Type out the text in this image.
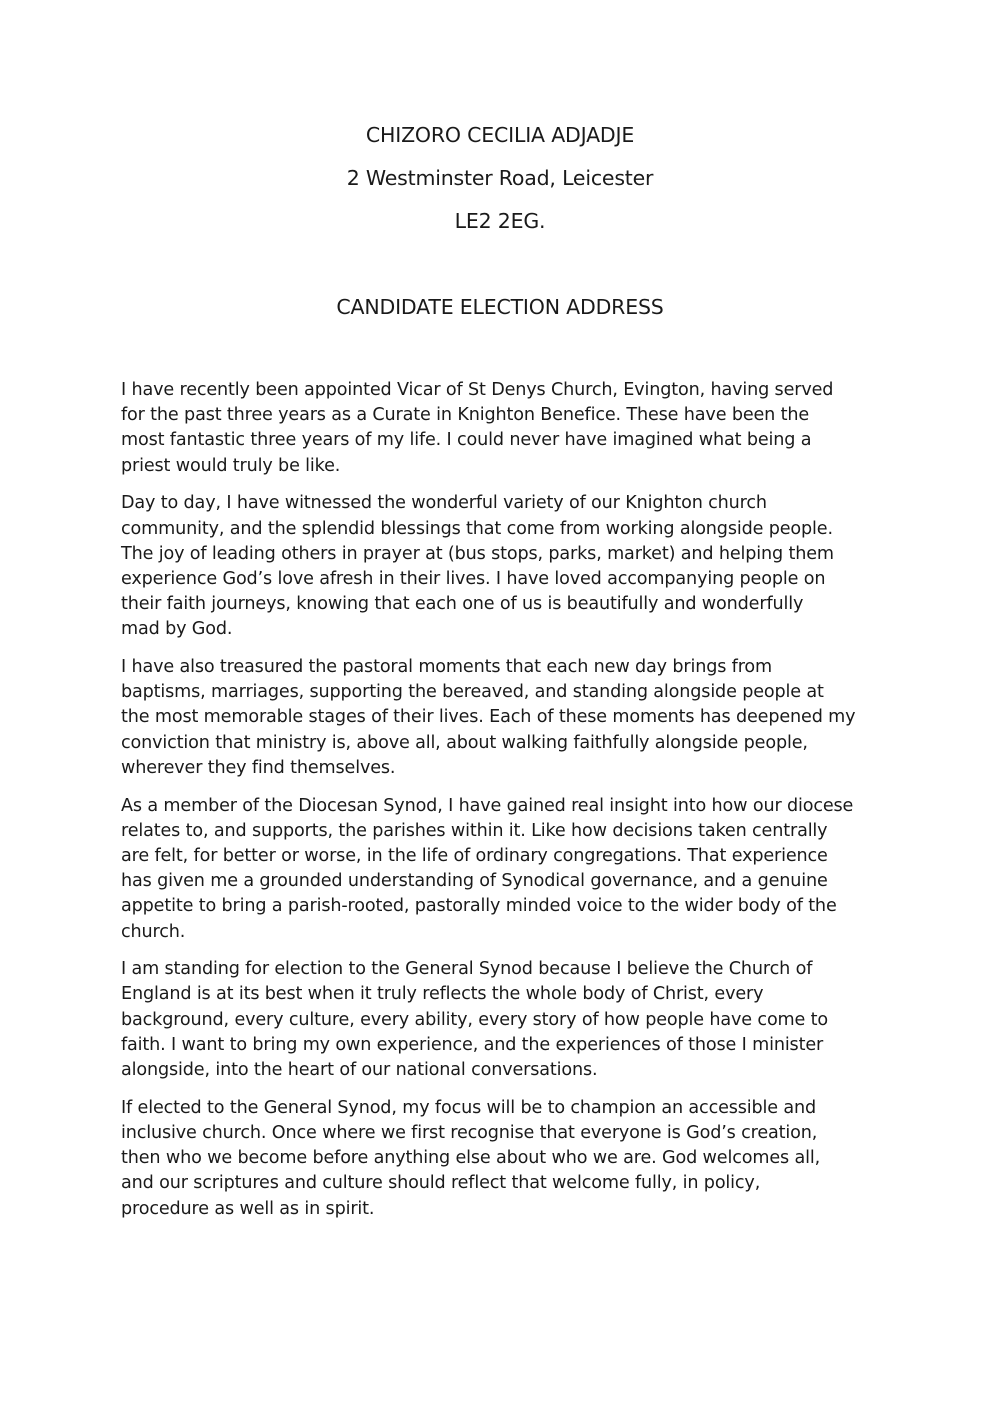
CHIZORO CECILIA ADJADJE
2 Westminster Road, Leicester
LE2 2EG.
CANDIDATE ELECTION ADDRESS

I have recently been appointed Vicar of St Denys Church, Evington, having served
for the past three years as a Curate in Knighton Benefice. These have been the
most fantastic three years of my life. I could never have imagined what being a
priest would truly be like.

Day to day, I have witnessed the wonderful variety of our Knighton church
community, and the splendid blessings that come from working alongside people.
The joy of leading others in prayer at (bus stops, parks, market) and helping them
experience God’s love afresh in their lives. I have loved accompanying people on
their faith journeys, knowing that each one of us is beautifully and wonderfully
mad by God.

I have also treasured the pastoral moments that each new day brings from
baptisms, marriages, supporting the bereaved, and standing alongside people at
the most memorable stages of their lives. Each of these moments has deepened my
conviction that ministry is, above all, about walking faithfully alongside people,
wherever they find themselves.

As a member of the Diocesan Synod, I have gained real insight into how our diocese
relates to, and supports, the parishes within it. Like how decisions taken centrally
are felt, for better or worse, in the life of ordinary congregations. That experience
has given me a grounded understanding of Synodical governance, and a genuine
appetite to bring a parish-rooted, pastorally minded voice to the wider body of the
church.

I am standing for election to the General Synod because I believe the Church of
England is at its best when it truly reflects the whole body of Christ, every
background, every culture, every ability, every story of how people have come to
faith. I want to bring my own experience, and the experiences of those I minister
alongside, into the heart of our national conversations.

If elected to the General Synod, my focus will be to champion an accessible and
inclusive church. Once where we first recognise that everyone is God’s creation,
then who we become before anything else about who we are. God welcomes all,
and our scriptures and culture should reflect that welcome fully, in policy,
procedure as well as in spirit.
